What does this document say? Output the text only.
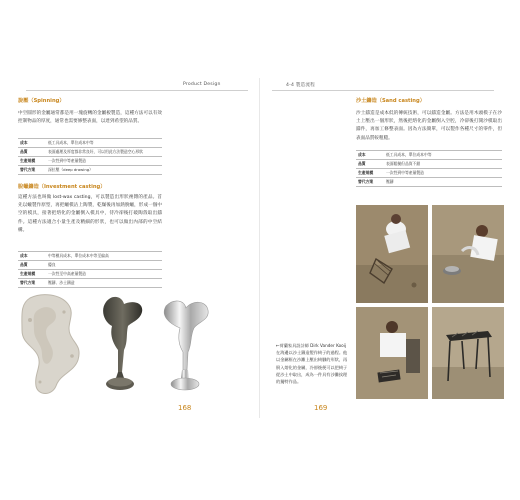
Product Design
旋壓（Spinning）
中空圓形的金屬通常都是用一塊旋轉的金屬板製造，這種方法可以有效控制物品的厚度，通常也需要修整表面，以達到希望的品質。
成本	低工具成本，單位成本中等
品質	表面處理及厚度都非常良好，可以用此方法製造空心形狀
生產規模	一次性到中等產量製造
替代方案	深拉壓（deep drawing）
脫蠟鑄造（Investment casting）
這種方法也叫做 lost-wax casting，可以製造出形狀複雜的產品。首先以蠟製作原型，再把蠟模沾上陶漿，乾燥後再加熱脫蠟，形成一個中空的模具，接著把熔化的金屬倒入模具中，待冷卻後打破陶殼取出鑄件。這種方法適合小量生產及精細的形狀，也可以做出內部的中空結構。
成本	中等模具成本，單位成本中等至偏高
品質	優良
生產規模	一次性至中高產量製造
替代方案	壓鑄、沙土鑄造
168
4-4 製造流程
沙土鑄造（Sand casting）
沙土鑄造是成本低的傳統技術，可以鑄造金屬。方法是用木頭模子在沙土上壓出一個形狀，然後把熔化的金屬倒入空腔，冷卻後打開沙模取出鑄件，再加工修整表面。因為方法簡單，可以製作各種尺寸的零件，但表面品質較粗糙。
成本	低工具成本，單位成本中等
品質	表面粗糙但品質不錯
生產規模	一次性到中等產量製造
替代方案	壓鑄
←荷蘭家具設計師 Dirk Vander Kooij 在海邊以沙土鑄造製作椅子的過程。他以金屬框在沙灘上壓出椅腳的形狀，再倒入熔化的金屬，冷卻後便可以把椅子從沙土中取出，成為一件具有沙灘紋理的獨特作品。
169
